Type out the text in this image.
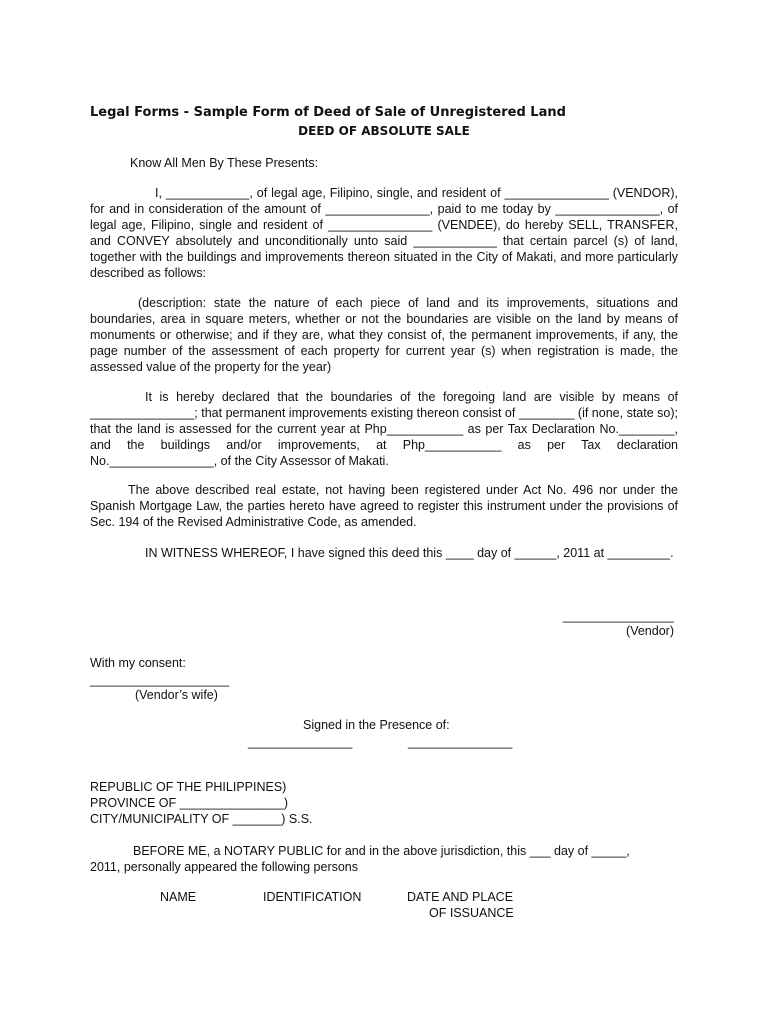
Legal Forms - Sample Form of Deed of Sale of Unregistered Land
DEED OF ABSOLUTE SALE
Know All Men By These Presents:
I, ____________, of legal age, Filipino, single, and resident of _______________ (VENDOR), for and in consideration of the amount of _______________, paid to me today by _______________, of legal age, Filipino, single and resident of _______________ (VENDEE), do hereby SELL, TRANSFER, and CONVEY absolutely and unconditionally unto said ____________ that certain parcel (s) of land, together with the buildings and improvements thereon situated in the City of Makati, and more particularly described as follows:
(description: state the nature of each piece of land and its improvements, situations and boundaries, area in square meters, whether or not the boundaries are visible on the land by means of monuments or otherwise; and if they are, what they consist of, the permanent improvements, if any, the page number of the assessment of each property for current year (s) when registration is made, the assessed value of the property for the year)
It is hereby declared that the boundaries of the foregoing land are visible by means of _______________; that permanent improvements existing thereon consist of ________ (if none, state so); that the land is assessed for the current year at Php___________ as per Tax Declaration No.________, and the buildings and/or improvements, at Php___________ as per Tax declaration No._______________, of the City Assessor of Makati.
The above described real estate, not having been registered under Act No. 496 nor under the Spanish Mortgage Law, the parties hereto have agreed to register this instrument under the provisions of Sec. 194 of the Revised Administrative Code, as amended.
IN WITNESS WHEREOF, I have signed this deed this ____ day of ______, 2011 at _________.
________________
(Vendor)
With my consent:
____________________
(Vendor’s wife)
Signed in the Presence of:
_______________	_______________
REPUBLIC OF THE PHILIPPINES)
PROVINCE OF _______________)
CITY/MUNICIPALITY OF _______) S.S.
BEFORE ME, a NOTARY PUBLIC for and in the above jurisdiction, this ___ day of _____,
2011, personally appeared the following persons
NAME	IDENTIFICATION	DATE AND PLACE
OF ISSUANCE
